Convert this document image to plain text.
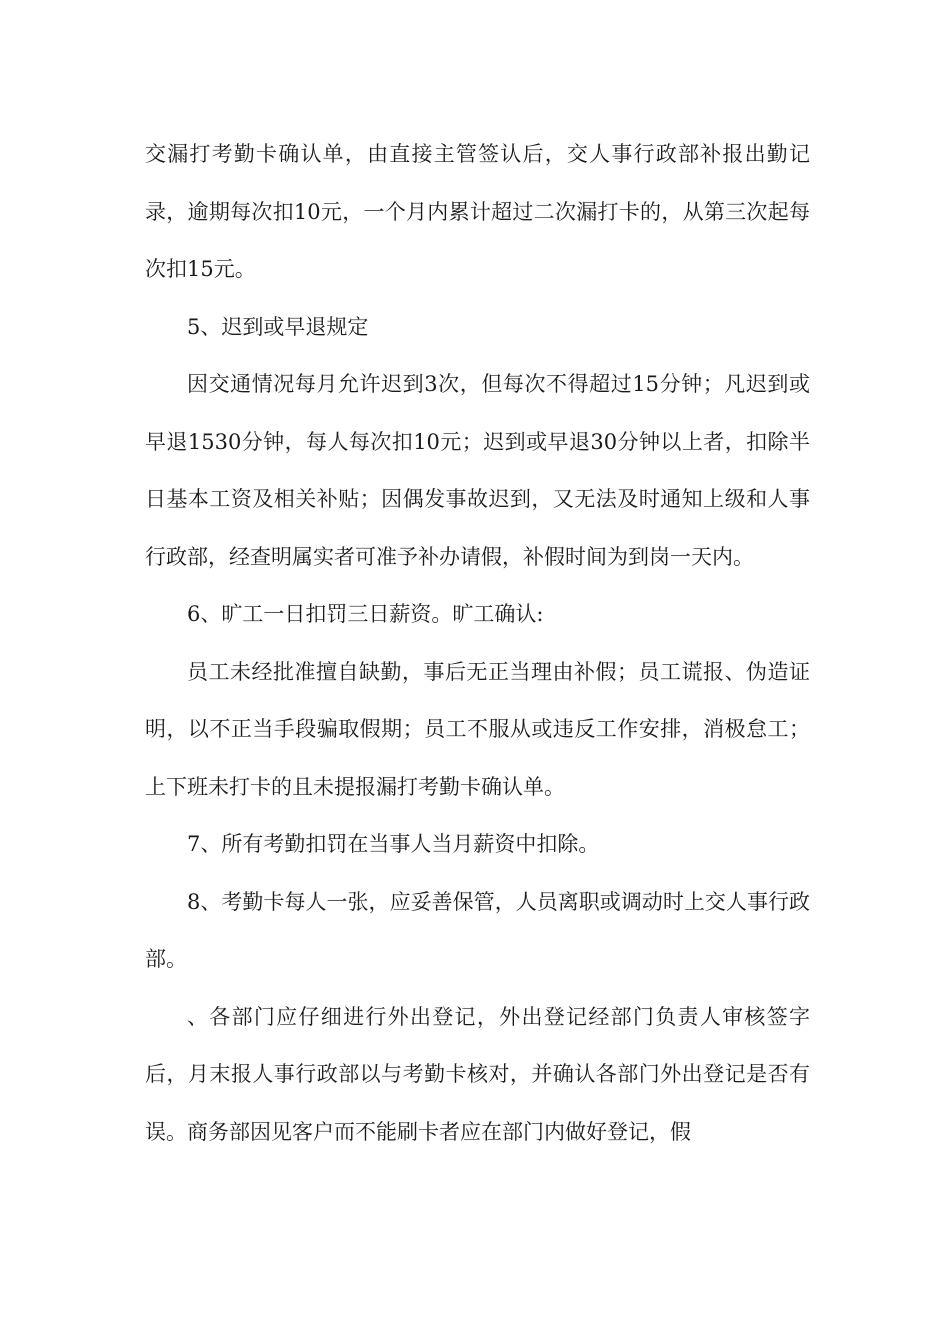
交漏打考勤卡确认单，由直接主管签认后，交人事行政部补报出勤记录，逾期每次扣10元，一个月内累计超过二次漏打卡的，从第三次起每次扣15元。

5、迟到或早退规定

因交通情况每月允许迟到3次，但每次不得超过15分钟；凡迟到或早退1530分钟，每人每次扣10元；迟到或早退30分钟以上者，扣除半日基本工资及相关补贴；因偶发事故迟到，又无法及时通知上级和人事行政部，经查明属实者可准予补办请假，补假时间为到岗一天内。

6、旷工一日扣罚三日薪资。旷工确认:

员工未经批准擅自缺勤，事后无正当理由补假；员工谎报、伪造证明，以不正当手段骗取假期；员工不服从或违反工作安排，消极怠工；上下班未打卡的且未提报漏打考勤卡确认单。

7、所有考勤扣罚在当事人当月薪资中扣除。

8、考勤卡每人一张，应妥善保管，人员离职或调动时上交人事行政部。

、各部门应仔细进行外出登记，外出登记经部门负责人审核签字后，月末报人事行政部以与考勤卡核对，并确认各部门外出登记是否有误。商务部因见客户而不能刷卡者应在部门内做好登记，假
